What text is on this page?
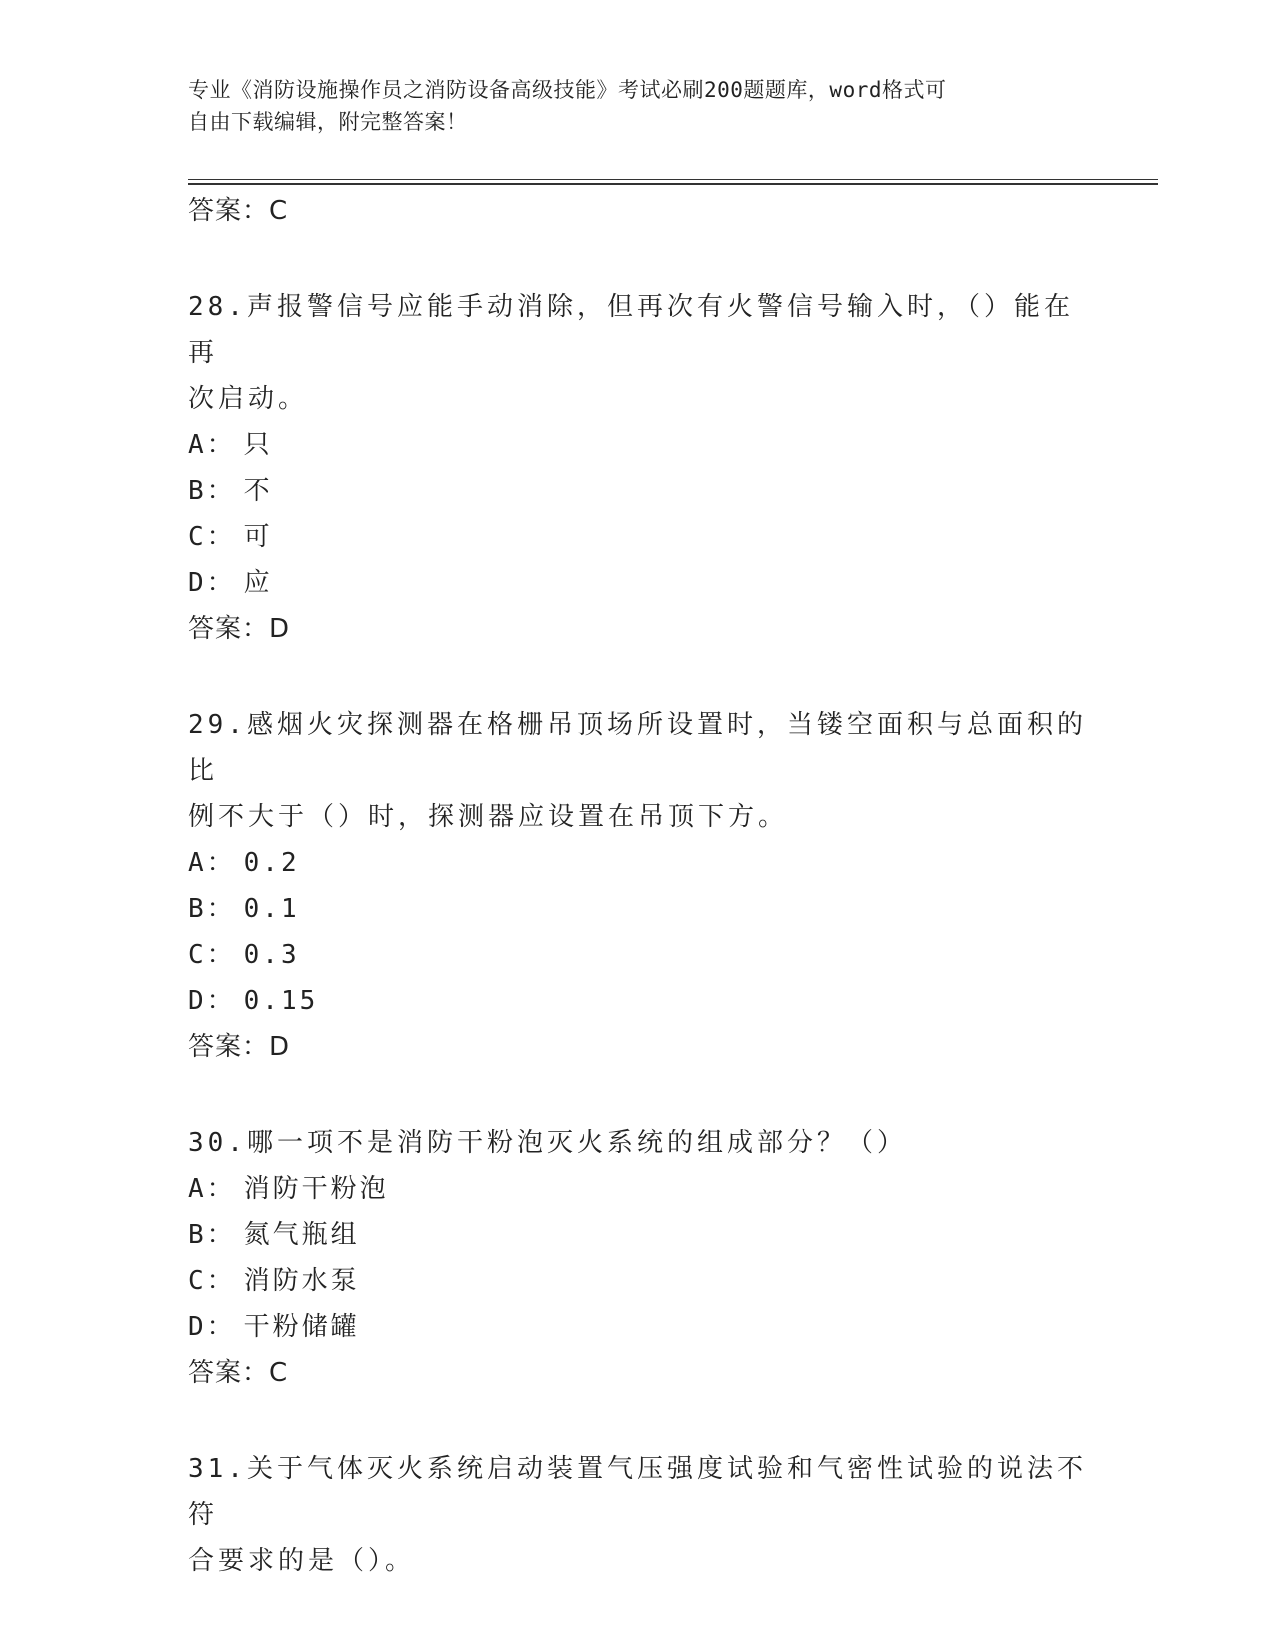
专业《消防设施操作员之消防设备高级技能》考试必刷200题题库，word格式可
自由下载编辑，附完整答案！
答案：C
28.声报警信号应能手动消除，但再次有火警信号输入时，（）能在再
次启动。
A： 只
B： 不
C： 可
D： 应
答案：D
29.感烟火灾探测器在格栅吊顶场所设置时，当镂空面积与总面积的比
例不大于（）时，探测器应设置在吊顶下方。
A： 0.2
B： 0.1
C： 0.3
D： 0.15
答案：D
30.哪一项不是消防干粉泡灭火系统的组成部分？（）
A： 消防干粉泡
B： 氮气瓶组
C： 消防水泵
D： 干粉储罐
答案：C
31.关于气体灭火系统启动装置气压强度试验和气密性试验的说法不符
合要求的是（）。
